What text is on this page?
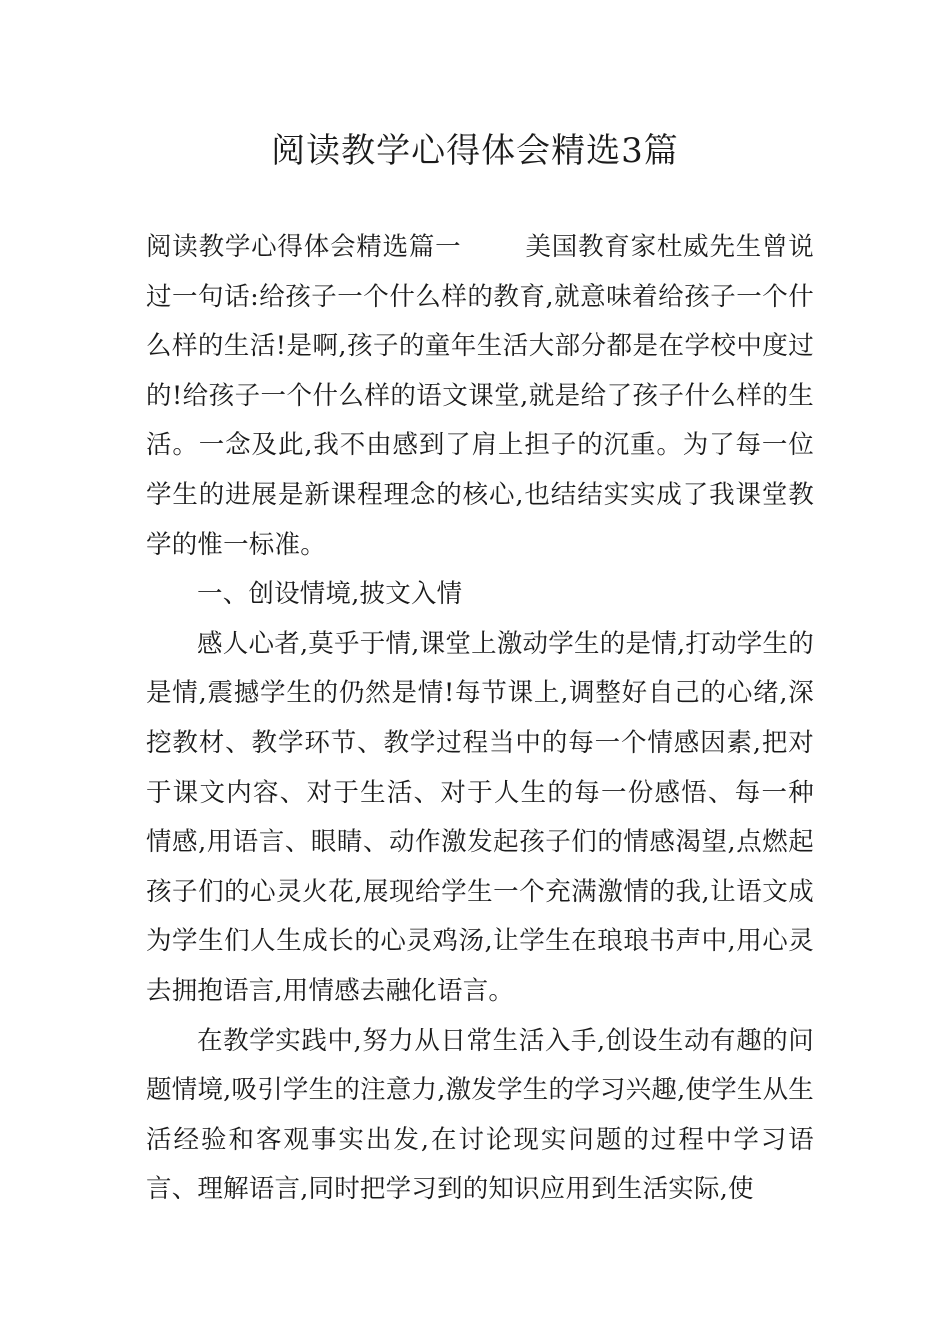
阅读教学心得体会精选3篇

阅读教学心得体会精选篇一	美国教育家杜威先生曾说过一句话:给孩子一个什么样的教育,就意味着给孩子一个什么样的生活!是啊,孩子的童年生活大部分都是在学校中度过的!给孩子一个什么样的语文课堂,就是给了孩子什么样的生活。一念及此,我不由感到了肩上担子的沉重。为了每一位学生的进展是新课程理念的核心,也结结实实成了我课堂教学的惟一标准。

一、创设情境,披文入情

感人心者,莫乎于情,课堂上激动学生的是情,打动学生的是情,震撼学生的仍然是情!每节课上,调整好自己的心绪,深挖教材、教学环节、教学过程当中的每一个情感因素,把对于课文内容、对于生活、对于人生的每一份感悟、每一种情感,用语言、眼睛、动作激发起孩子们的情感渴望,点燃起孩子们的心灵火花,展现给学生一个充满激情的我,让语文成为学生们人生成长的心灵鸡汤,让学生在琅琅书声中,用心灵去拥抱语言,用情感去融化语言。

在教学实践中,努力从日常生活入手,创设生动有趣的问题情境,吸引学生的注意力,激发学生的学习兴趣,使学生从生活经验和客观事实出发,在讨论现实问题的过程中学习语言、理解语言,同时把学习到的知识应用到生活实际,使
